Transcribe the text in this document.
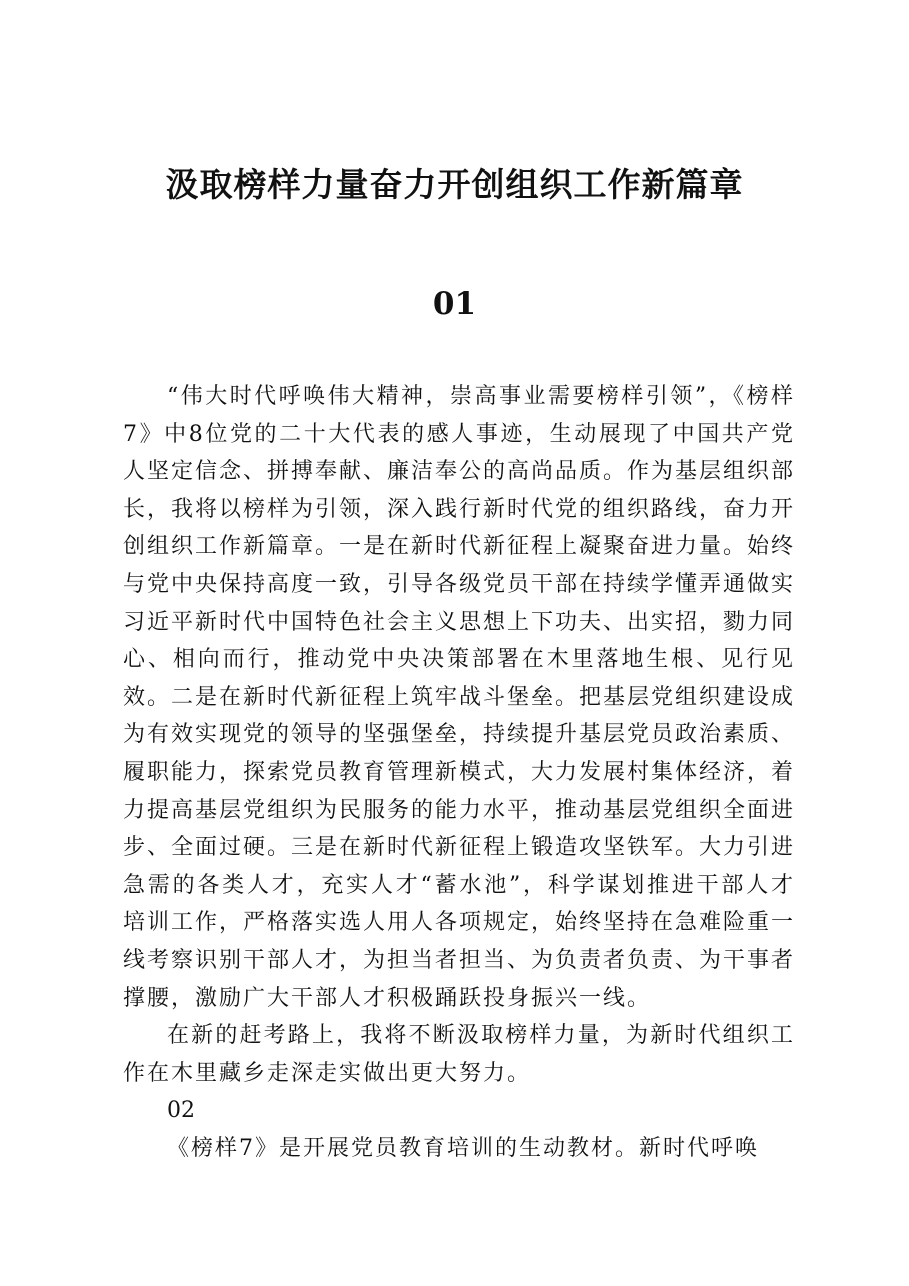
汲取榜样力量奋力开创组织工作新篇章
01

“伟大时代呼唤伟大精神，崇高事业需要榜样引领”，《榜样7》中8位党的二十大代表的感人事迹，生动展现了中国共产党人坚定信念、拼搏奉献、廉洁奉公的高尚品质。作为基层组织部长，我将以榜样为引领，深入践行新时代党的组织路线，奋力开创组织工作新篇章。一是在新时代新征程上凝聚奋进力量。始终与党中央保持高度一致，引导各级党员干部在持续学懂弄通做实习近平新时代中国特色社会主义思想上下功夫、出实招，勠力同心、相向而行，推动党中央决策部署在木里落地生根、见行见效。二是在新时代新征程上筑牢战斗堡垒。把基层党组织建设成为有效实现党的领导的坚强堡垒，持续提升基层党员政治素质、履职能力，探索党员教育管理新模式，大力发展村集体经济，着力提高基层党组织为民服务的能力水平，推动基层党组织全面进步、全面过硬。三是在新时代新征程上锻造攻坚铁军。大力引进急需的各类人才，充实人才“蓄水池”，科学谋划推进干部人才培训工作，严格落实选人用人各项规定，始终坚持在急难险重一线考察识别干部人才，为担当者担当、为负责者负责、为干事者撑腰，激励广大干部人才积极踊跃投身振兴一线。

在新的赶考路上，我将不断汲取榜样力量，为新时代组织工作在木里藏乡走深走实做出更大努力。

02

《榜样7》是开展党员教育培训的生动教材。新时代呼唤
